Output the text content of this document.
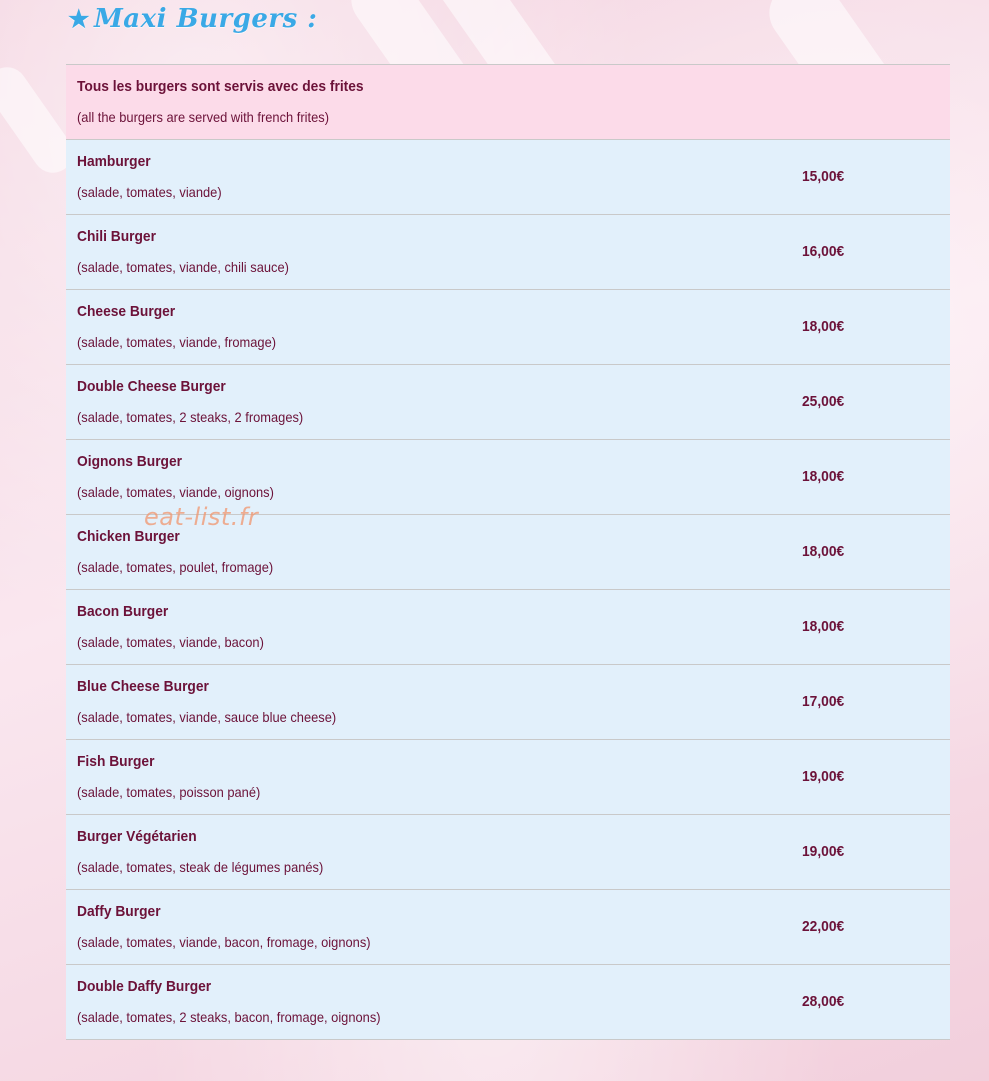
★ Maxi Burgers :
Tous les burgers sont servis avec des frites
(all the burgers are served with french frites)
Hamburger
(salade, tomates, viande)
15,00€
Chili Burger
(salade, tomates, viande, chili sauce)
16,00€
Cheese Burger
(salade, tomates, viande, fromage)
18,00€
Double Cheese Burger
(salade, tomates, 2 steaks, 2 fromages)
25,00€
Oignons Burger
(salade, tomates, viande, oignons)
18,00€
Chicken Burger
(salade, tomates, poulet, fromage)
18,00€
Bacon Burger
(salade, tomates, viande, bacon)
18,00€
Blue Cheese Burger
(salade, tomates, viande, sauce blue cheese)
17,00€
Fish Burger
(salade, tomates, poisson pané)
19,00€
Burger Végétarien
(salade, tomates, steak de légumes panés)
19,00€
Daffy Burger
(salade, tomates, viande, bacon, fromage, oignons)
22,00€
Double Daffy Burger
(salade, tomates, 2 steaks, bacon, fromage, oignons)
28,00€
eat-list.fr
